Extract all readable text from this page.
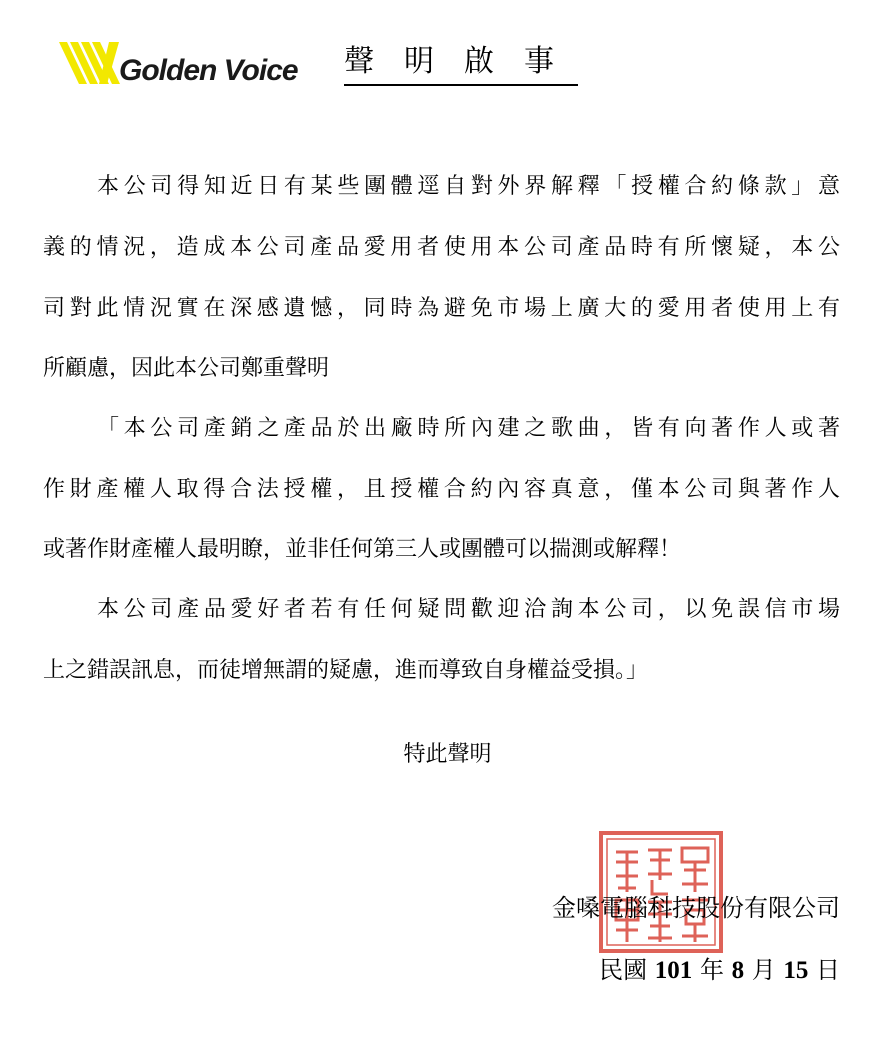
Golden Voice 聲明啟事
本公司得知近日有某些團體逕自對外界解釋「授權合約條款」意
義的情況，造成本公司產品愛用者使用本公司產品時有所懷疑，本公
司對此情況實在深感遺憾，同時為避免市場上廣大的愛用者使用上有
所顧慮，因此本公司鄭重聲明
「本公司產銷之產品於出廠時所內建之歌曲，皆有向著作人或著
作財產權人取得合法授權，且授權合約內容真意，僅本公司與著作人
或著作財產權人最明瞭，並非任何第三人或團體可以揣測或解釋！
本公司產品愛好者若有任何疑問歡迎洽詢本公司，以免誤信市場
上之錯誤訊息，而徒增無謂的疑慮，進而導致自身權益受損。」
特此聲明
金嗓電腦科技股份有限公司
民國 101 年 8 月 15 日
